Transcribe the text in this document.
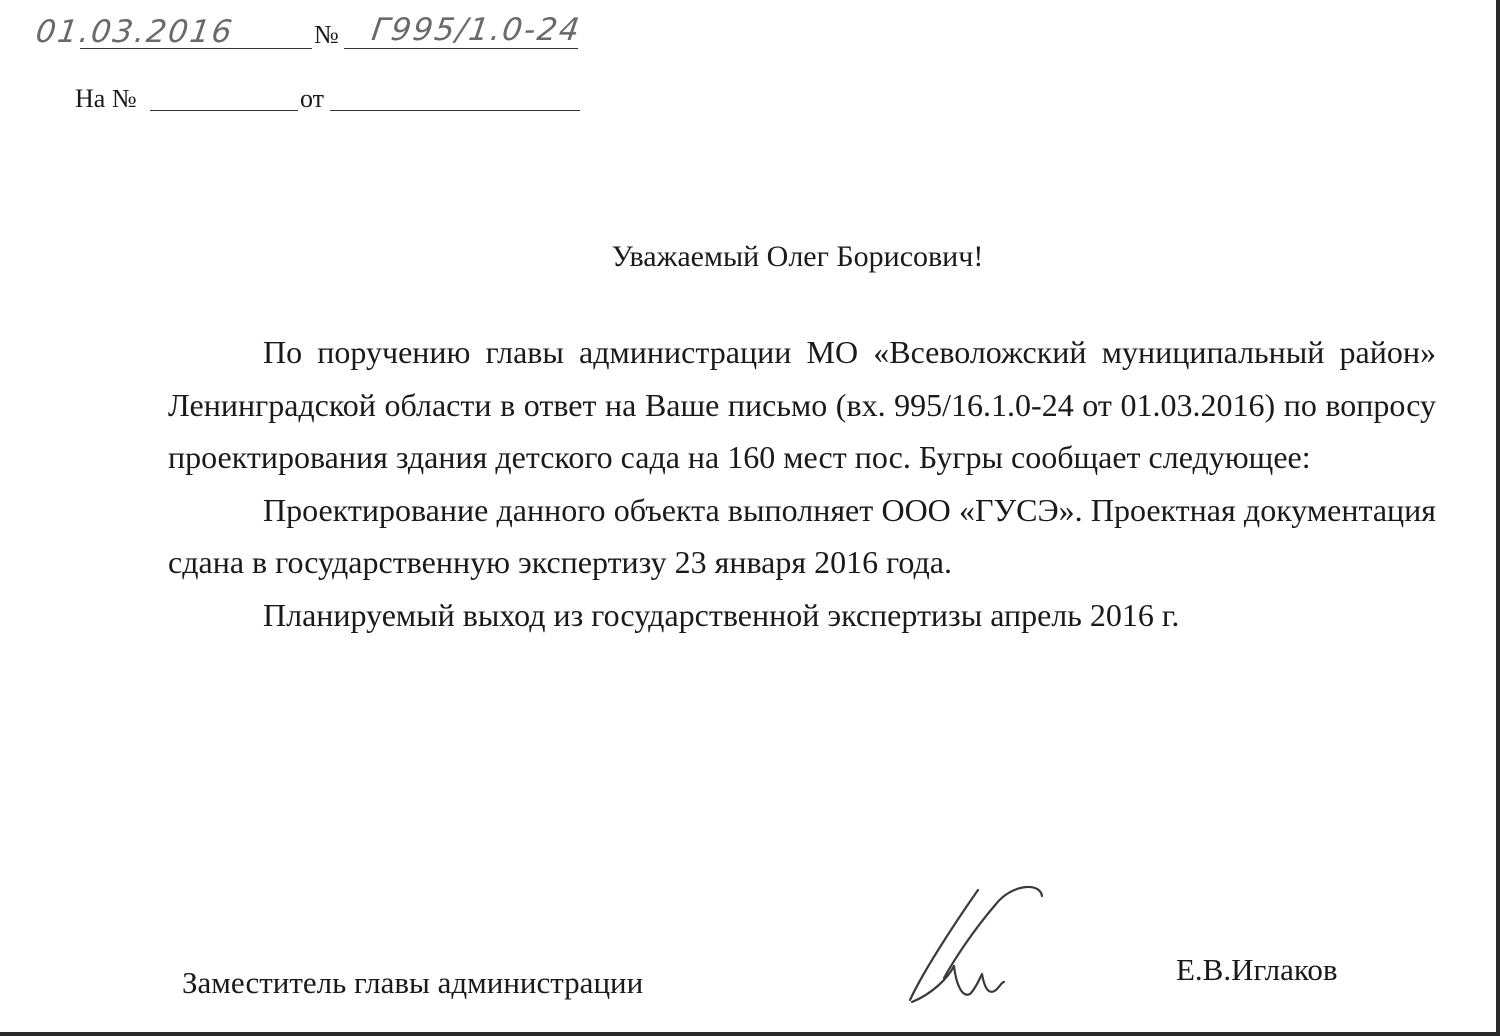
01.03.2016	№ Г995/1.0-24
На №	от
Уважаемый Олег Борисович!

По поручению главы администрации МО «Всеволожский муниципальный район» Ленинградской области в ответ на Ваше письмо (вх. 995/16.1.0-24 от 01.03.2016) по вопросу проектирования здания детского сада на 160 мест пос. Бугры сообщает следующее:

Проектирование данного объекта выполняет ООО «ГУСЭ». Проектная документация сдана в государственную экспертизу 23 января 2016 года.

Планируемый выход из государственной экспертизы апрель 2016 г.

Заместитель главы администрации	Е.В.Иглаков
